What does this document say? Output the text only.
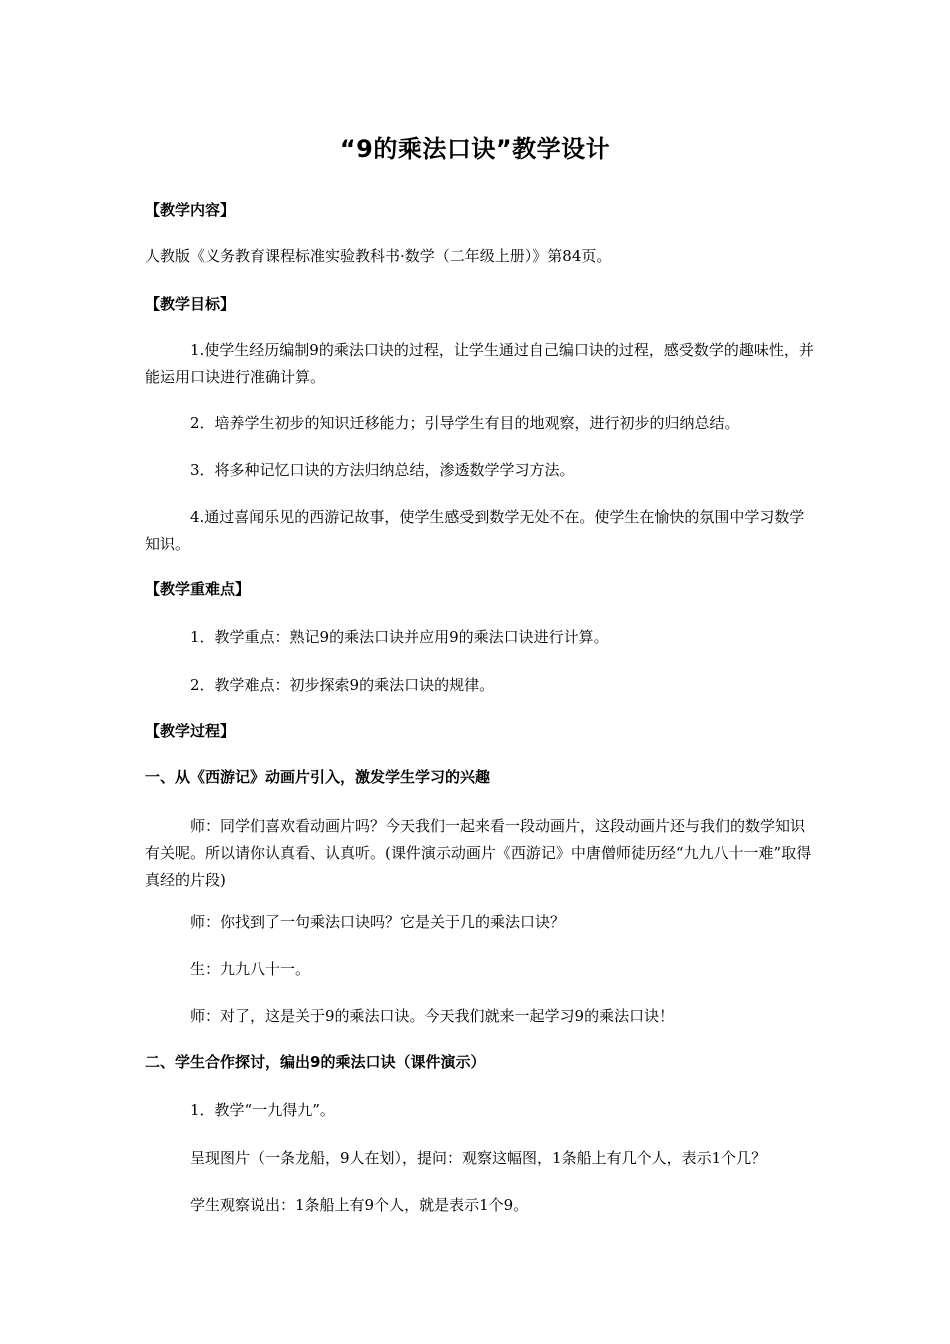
“9的乘法口诀”教学设计
【教学内容】
人教版《义务教育课程标准实验教科书·数学（二年级上册）》第84页。
【教学目标】
1.使学生经历编制9的乘法口诀的过程，让学生通过自己编口诀的过程，感受数学的趣味性，并能运用口诀进行准确计算。
2．培养学生初步的知识迁移能力；引导学生有目的地观察，进行初步的归纳总结。
3．将多种记忆口诀的方法归纳总结，渗透数学学习方法。
4.通过喜闻乐见的西游记故事，使学生感受到数学无处不在。使学生在愉快的氛围中学习数学知识。
【教学重难点】
1．教学重点：熟记9的乘法口诀并应用9的乘法口诀进行计算。
2．教学难点：初步探索9的乘法口诀的规律。
【教学过程】
一、从《西游记》动画片引入，激发学生学习的兴趣
师：同学们喜欢看动画片吗？今天我们一起来看一段动画片，这段动画片还与我们的数学知识有关呢。所以请你认真看、认真听。(课件演示动画片《西游记》中唐僧师徒历经“九九八十一难”取得真经的片段)
师：你找到了一句乘法口诀吗？它是关于几的乘法口诀？
生：九九八十一。
师：对了，这是关于9的乘法口诀。今天我们就来一起学习9的乘法口诀！
二、学生合作探讨，编出9的乘法口诀（课件演示）
1．教学“一九得九”。
呈现图片（一条龙船，9人在划），提问：观察这幅图，1条船上有几个人，表示1个几？
学生观察说出：1条船上有9个人，就是表示1个9。
